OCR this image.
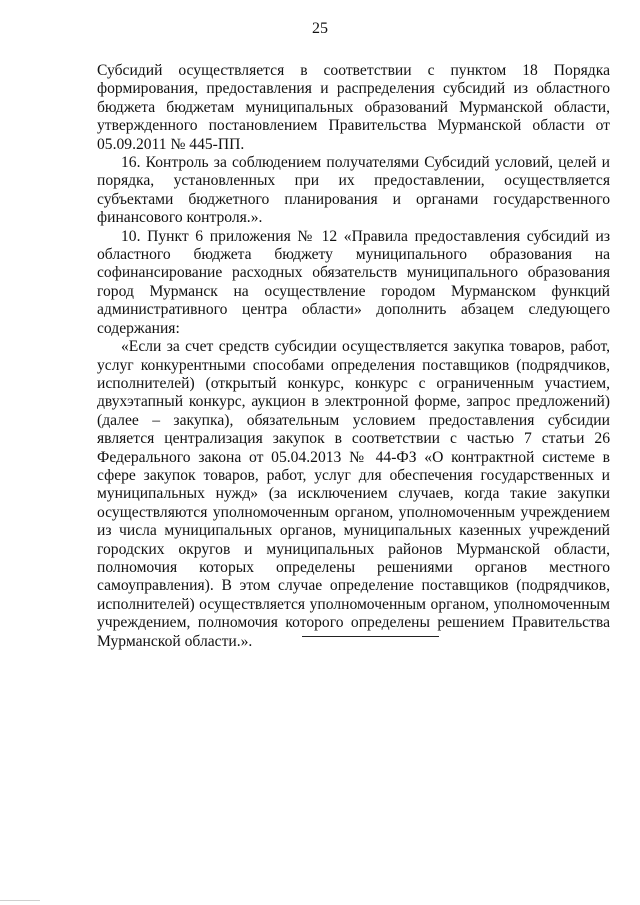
25

Субсидий осуществляется в соответствии с пунктом 18 Порядка формирования, предоставления и распределения субсидий из областного бюджета бюджетам муниципальных образований Мурманской области, утвержденного постановлением Правительства Мурманской области от 05.09.2011 № 445-ПП.

16. Контроль за соблюдением получателями Субсидий условий, целей и порядка, установленных при их предоставлении, осуществляется субъектами бюджетного планирования и органами государственного финансового контроля.».

10. Пункт 6 приложения № 12 «Правила предоставления субсидий из областного бюджета бюджету муниципального образования на софинансирование расходных обязательств муниципального образования город Мурманск на осуществление городом Мурманском функций административного центра области» дополнить абзацем следующего содержания:

«Если за счет средств субсидии осуществляется закупка товаров, работ, услуг конкурентными способами определения поставщиков (подрядчиков, исполнителей) (открытый конкурс, конкурс с ограниченным участием, двухэтапный конкурс, аукцион в электронной форме, запрос предложений) (далее – закупка), обязательным условием предоставления субсидии является централизация закупок в соответствии с частью 7 статьи 26 Федерального закона от 05.04.2013 № 44-ФЗ «О контрактной системе в сфере закупок товаров, работ, услуг для обеспечения государственных и муниципальных нужд» (за исключением случаев, когда такие закупки осуществляются уполномоченным органом, уполномоченным учреждением из числа муниципальных органов, муниципальных казенных учреждений городских округов и муниципальных районов Мурманской области, полномочия которых определены решениями органов местного самоуправления). В этом случае определение поставщиков (подрядчиков, исполнителей) осуществляется уполномоченным органом, уполномоченным учреждением, полномочия которого определены решением Правительства Мурманской области.».
